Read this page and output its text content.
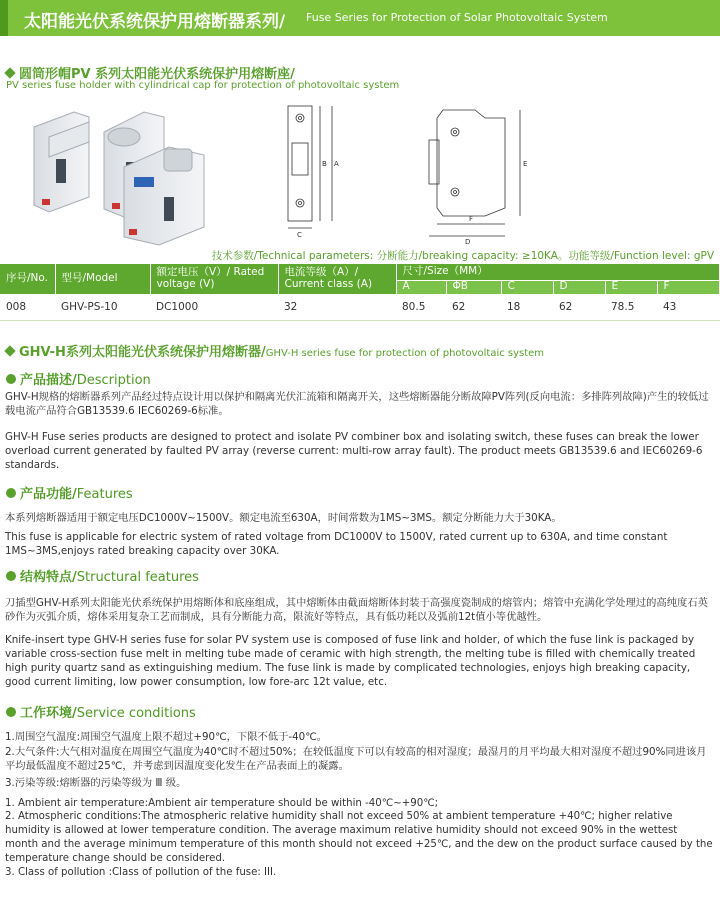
太阳能光伏系统保护用熔断器系列/ Fuse Series for Protection of Solar Photovoltaic System
圆筒形帽PV 系列太阳能光伏系统保护用熔断座/
PV series fuse holder with cylindrical cap for protection of photovoltaic system
B A
C
E
F
D
技术参数/Technical parameters: 分断能力/breaking capacity: ≥10KA。功能等级/Function level: gPV
序号/No.	型号/Model	额定电压（V）/ Rated voltage (V)	电流等级（A）/ Current class (A)	尺寸/Size（MM）					
				A	ΦB	C	D	E	F
008	GHV-PS-10	DC1000	32	80.5	62	18	62	78.5	43
GHV-H系列太阳能光伏系统保护用熔断器/GHV-H series fuse for protection of photovoltaic system
产品描述/Description
GHV-H规格的熔断器系列产品经过特点设计用以保护和隔离光伏汇流箱和隔离开关，这些熔断器能分断故障PV阵列(反向电流：多排阵列故障)产生的较低过载电流产品符合GB13539.6 IEC60269-6标准。
GHV-H Fuse series products are designed to protect and isolate PV combiner box and isolating switch, these fuses can break the lower overload current generated by faulted PV array (reverse current: multi-row array fault). The product meets GB13539.6 and IEC60269-6 standards.
产品功能/Features
本系列熔断器适用于额定电压DC1000V~1500V。额定电流至630A，时间常数为1MS~3MS。额定分断能力大于30KA。
This fuse is applicable for electric system of rated voltage from DC1000V to 1500V, rated current up to 630A, and time constant 1MS~3MS,enjoys rated breaking capacity over 30KA.
结构特点/Structural features
刀插型GHV-H系列太阳能光伏系统保护用熔断体和底座组成，其中熔断体由截面熔断体封装于高强度瓷制成的熔管内；熔管中充满化学处理过的高纯度石英砂作为灭弧介质，熔体采用复杂工艺而制成，具有分断能力高，限流好等特点，具有低功耗以及弧前12t值小等优越性。
Knife-insert type GHV-H series fuse for solar PV system use is composed of fuse link and holder, of which the fuse link is packaged by variable cross-section fuse melt in melting tube made of ceramic with high strength, the melting tube is filled with chemically treated high purity quartz sand as extinguishing medium. The fuse link is made by complicated technologies, enjoys high breaking capacity, good current limiting, low power consumption, low fore-arc 12t value, etc.
工作环境/Service conditions
1.周围空气温度:周围空气温度上限不超过+90℃，下限不低于-40℃。
2.大气条件:大气相对温度在周围空气温度为40℃时不超过50%；在较低温度下可以有较高的相对湿度；最湿月的月平均最大相对湿度不超过90%同进该月平均最低温度不超过25℃，并考虑到因温度变化发生在产品表面上的凝露。
3.污染等级:熔断器的污染等级为 Ⅲ 级。
1. Ambient air temperature:Ambient air temperature should be within -40℃~+90℃;
2. Atmospheric conditions:The atmospheric relative humidity shall not exceed 50% at ambient temperature +40℃; higher relative humidity is allowed at lower temperature condition. The average maximum relative humidity should not exceed 90% in the wettest month and the average minimum temperature of this month should not exceed +25℃, and the dew on the product surface caused by the temperature change should be considered.
3. Class of pollution :Class of pollution of the fuse: III.
